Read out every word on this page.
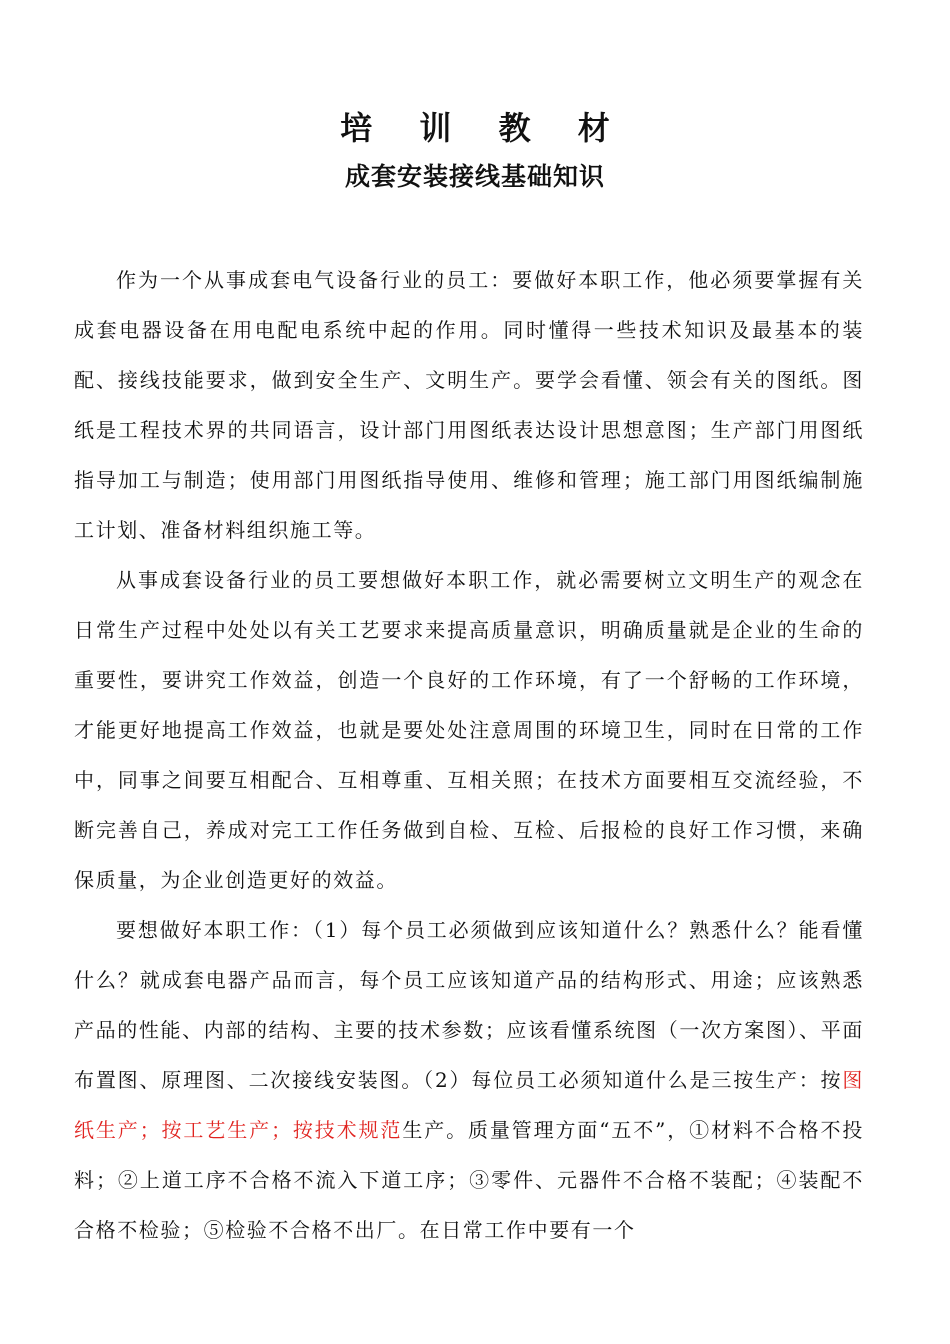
培 训 教 材
成套安装接线基础知识

作为一个从事成套电气设备行业的员工：要做好本职工作，他必须要掌握有关成套电器设备在用电配电系统中起的作用。同时懂得一些技术知识及最基本的装配、接线技能要求，做到安全生产、文明生产。要学会看懂、领会有关的图纸。图纸是工程技术界的共同语言，设计部门用图纸表达设计思想意图；生产部门用图纸指导加工与制造；使用部门用图纸指导使用、维修和管理；施工部门用图纸编制施工计划、准备材料组织施工等。

从事成套设备行业的员工要想做好本职工作，就必需要树立文明生产的观念在日常生产过程中处处以有关工艺要求来提高质量意识，明确质量就是企业的生命的重要性，要讲究工作效益，创造一个良好的工作环境，有了一个舒畅的工作环境，才能更好地提高工作效益，也就是要处处注意周围的环境卫生，同时在日常的工作中，同事之间要互相配合、互相尊重、互相关照；在技术方面要相互交流经验，不断完善自己，养成对完工工作任务做到自检、互检、后报检的良好工作习惯，来确保质量，为企业创造更好的效益。

要想做好本职工作：（1）每个员工必须做到应该知道什么？熟悉什么？能看懂什么？就成套电器产品而言，每个员工应该知道产品的结构形式、用途；应该熟悉产品的性能、内部的结构、主要的技术参数；应该看懂系统图（一次方案图）、平面布置图、原理图、二次接线安装图。（2）每位员工必须知道什么是三按生产：按图纸生产；按工艺生产；按技术规范生产。质量管理方面“五不”，①材料不合格不投料；②上道工序不合格不流入下道工序；③零件、元器件不合格不装配；④装配不合格不检验；⑤检验不合格不出厂。在日常工作中要有一个
